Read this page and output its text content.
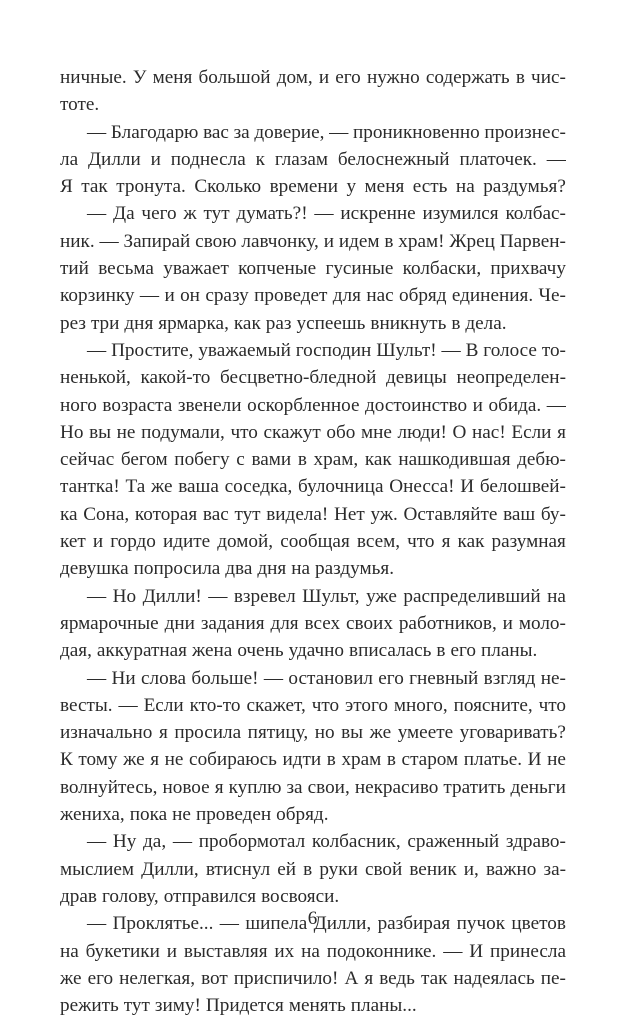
ничные. У меня большой дом, и его нужно содержать в чис-
тоте.
— Благодарю вас за доверие, — проникновенно произнес-
ла Дилли и поднесла к глазам белоснежный платочек. —
Я так тронута. Сколько времени у меня есть на раздумья?
— Да чего ж тут думать?! — искренне изумился колбас-
ник. — Запирай свою лавчонку, и идем в храм! Жрец Парвен-
тий весьма уважает копченые гусиные колбаски, прихвачу
корзинку — и он сразу проведет для нас обряд единения. Че-
рез три дня ярмарка, как раз успеешь вникнуть в дела.
— Простите, уважаемый господин Шульт! — В голосе то-
ненькой, какой-то бесцветно-бледной девицы неопределен-
ного возраста звенели оскорбленное достоинство и обида. —
Но вы не подумали, что скажут обо мне люди! О нас! Если я
сейчас бегом побегу с вами в храм, как нашкодившая дебю-
тантка! Та же ваша соседка, булочница Онесса! И белошвей-
ка Сона, которая вас тут видела! Нет уж. Оставляйте ваш бу-
кет и гордо идите домой, сообщая всем, что я как разумная
девушка попросила два дня на раздумья.
— Но Дилли! — взревел Шульт, уже распределивший на
ярмарочные дни задания для всех своих работников, и моло-
дая, аккуратная жена очень удачно вписалась в его планы.
— Ни слова больше! — остановил его гневный взгляд не-
весты. — Если кто-то скажет, что этого много, поясните, что
изначально я просила пятицу, но вы же умеете уговаривать?
К тому же я не собираюсь идти в храм в старом платье. И не
волнуйтесь, новое я куплю за свои, некрасиво тратить деньги
жениха, пока не проведен обряд.
— Ну да, — пробормотал колбасник, сраженный здраво-
мыслием Дилли, втиснул ей в руки свой веник и, важно за-
драв голову, отправился восвояси.
— Проклятье... — шипела Дилли, разбирая пучок цветов
на букетики и выставляя их на подоконнике. — И принесла
же его нелегкая, вот приспичило! А я ведь так надеялась пе-
режить тут зиму! Придется менять планы...
6
